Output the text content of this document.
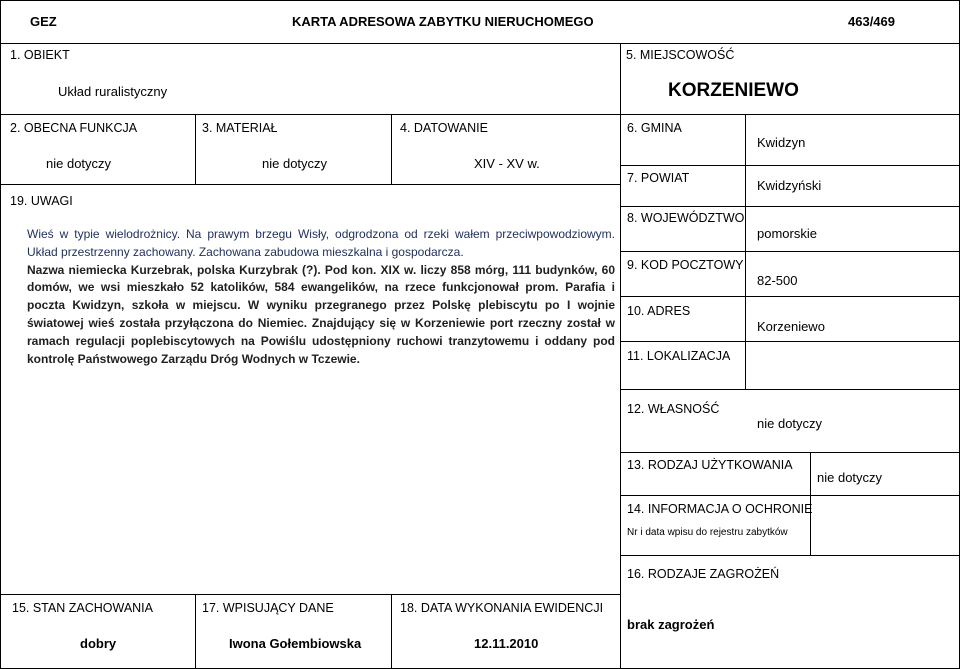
GEZ	KARTA ADRESOWA ZABYTKU NIERUCHOMEGO	463/469
1. OBIEKT
Układ ruralistyczny
5. MIEJSCOWOŚĆ
KORZENIEWO
2. OBECNA FUNKCJA
nie dotyczy
3. MATERIAŁ
nie dotyczy
4. DATOWANIE
XIV - XV w.
19. UWAGI

Wieś w typie wielodrożnicy. Na prawym brzegu Wisły, odgrodzona od rzeki wałem przeciwpowodziowym. Układ przestrzenny zachowany. Zachowana zabudowa mieszkalna i gospodarcza.

Nazwa niemiecka Kurzebrak, polska Kurzybrak (?). Pod kon. XIX w. liczy 858 mórg, 111 budynków, 60 domów, we wsi mieszkało 52 katolików, 584 ewangelików, na rzece funkcjonował prom. Parafia i poczta Kwidzyn, szkoła w miejscu. W wyniku przegranego przez Polskę plebiscytu po I wojnie światowej wieś została przyłączona do Niemiec. Znajdujący się w Korzeniewie port rzeczny został w ramach regulacji poplebiscytowych na Powiślu udostępniony ruchowi tranzytowemu i oddany pod kontrolę Państwowego Zarządu Dróg Wodnych w Tczewie.

6. GMINA
Kwidzyn
7. POWIAT	Kwidzyński
8. WOJEWÓDZTWO
pomorskie
9. KOD POCZTOWY
82-500
10. ADRES
Korzeniewo
11. LOKALIZACJA
12. WŁASNOŚĆ
nie dotyczy
13. RODZAJ UŻYTKOWANIA
nie dotyczy
14. INFORMACJA O OCHRONIE
Nr i data wpisu do rejestru zabytków
16. RODZAJE ZAGROŻEŃ
brak zagrożeń
15. STAN ZACHOWANIA
dobry
17. WPISUJĄCY DANE
Iwona Gołembiowska
18. DATA WYKONANIA EWIDENCJI
12.11.2010
